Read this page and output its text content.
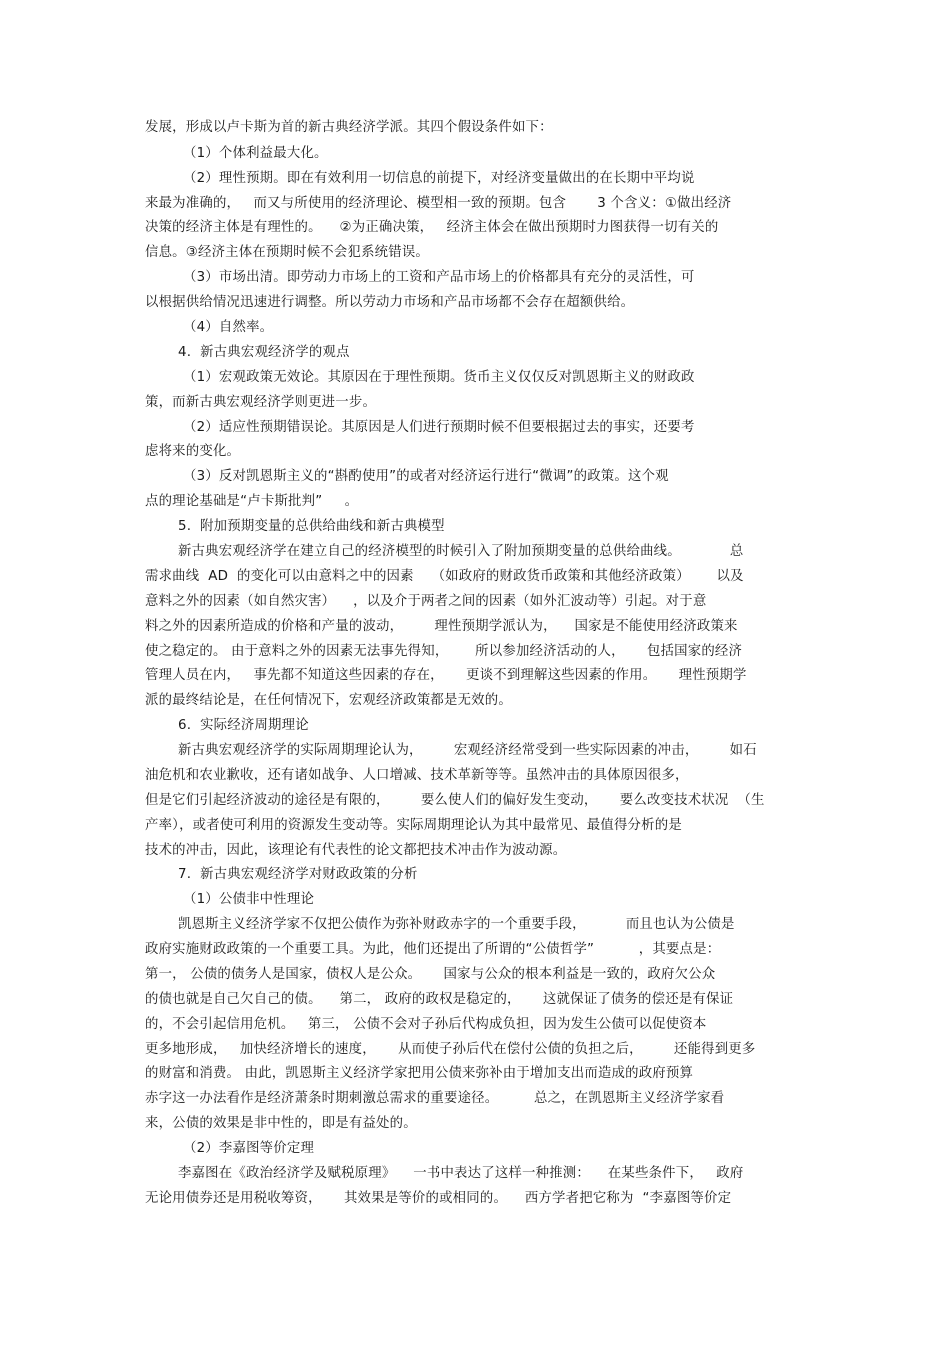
发展，形成以卢卡斯为首的新古典经济学派。其四个假设条件如下：
（1）个体利益最大化。
（2）理性预期。即在有效利用一切信息的前提下，对经济变量做出的在长期中平均说
来最为准确的，   而又与所使用的经济理论、模型相一致的预期。包含       3 个含义：①做出经济
决策的经济主体是有理性的。    ②为正确决策，   经济主体会在做出预期时力图获得一切有关的
信息。③经济主体在预期时候不会犯系统错误。
（3）市场出清。即劳动力市场上的工资和产品市场上的价格都具有充分的灵活性，可
以根据供给情况迅速进行调整。所以劳动力市场和产品市场都不会存在超额供给。
（4）自然率。
4.  新古典宏观经济学的观点
（1）宏观政策无效论。其原因在于理性预期。货币主义仅仅反对凯恩斯主义的财政政
策，而新古典宏观经济学则更进一步。
（2）适应性预期错误论。其原因是人们进行预期时候不但要根据过去的事实，还要考
虑将来的变化。
（3）反对凯恩斯主义的“斟酌使用”的或者对经济运行进行“微调”的政策。这个观
点的理论基础是“卢卡斯批判”     。
5.  附加预期变量的总供给曲线和新古典模型
新古典宏观经济学在建立自己的经济模型的时候引入了附加预期变量的总供给曲线。           总
需求曲线  AD  的变化可以由意料之中的因素    （如政府的财政货币政策和其他经济政策）      以及
意料之外的因素（如自然灾害）    ，以及介于两者之间的因素（如外汇波动等）引起。对于意
料之外的因素所造成的价格和产量的波动，       理性预期学派认为，    国家是不能使用经济政策来
使之稳定的。 由于意料之外的因素无法事先得知，      所以参加经济活动的人，     包括国家的经济
管理人员在内，   事先都不知道这些因素的存在，     更谈不到理解这些因素的作用。     理性预期学
派的最终结论是，在任何情况下，宏观经济政策都是无效的。
6.  实际经济周期理论
新古典宏观经济学的实际周期理论认为，       宏观经济经常受到一些实际因素的冲击，       如石
油危机和农业歉收，还有诸如战争、人口增减、技术革新等等。虽然冲击的具体原因很多，
但是它们引起经济波动的途径是有限的，       要么使人们的偏好发生变动，     要么改变技术状况  （生
产率），或者使可利用的资源发生变动等。实际周期理论认为其中最常见、最值得分析的是
技术的冲击，因此，该理论有代表性的论文都把技术冲击作为波动源。
7.  新古典宏观经济学对财政政策的分析
（1）公债非中性理论
凯恩斯主义经济学家不仅把公债作为弥补财政赤字的一个重要手段，         而且也认为公债是
政府实施财政政策的一个重要工具。为此，他们还提出了所谓的“公债哲学”          ，其要点是：
第一， 公债的债务人是国家，债权人是公众。     国家与公众的根本利益是一致的，政府欠公众
的债也就是自己欠自己的债。    第二， 政府的政权是稳定的，     这就保证了债务的偿还是有保证
的，不会引起信用危机。   第三， 公债不会对子孙后代构成负担，因为发生公债可以促使资本
更多地形成，   加快经济增长的速度，     从而使子孙后代在偿付公债的负担之后，       还能得到更多
的财富和消费。 由此，凯恩斯主义经济学家把用公债来弥补由于增加支出而造成的政府预算
赤字这一办法看作是经济萧条时期刺激总需求的重要途径。        总之，在凯恩斯主义经济学家看
来，公债的效果是非中性的，即是有益处的。
（2）李嘉图等价定理
李嘉图在《政治经济学及赋税原理》    一书中表达了这样一种推测：    在某些条件下，   政府
无论用债券还是用税收筹资，     其效果是等价的或相同的。    西方学者把它称为  “李嘉图等价定
